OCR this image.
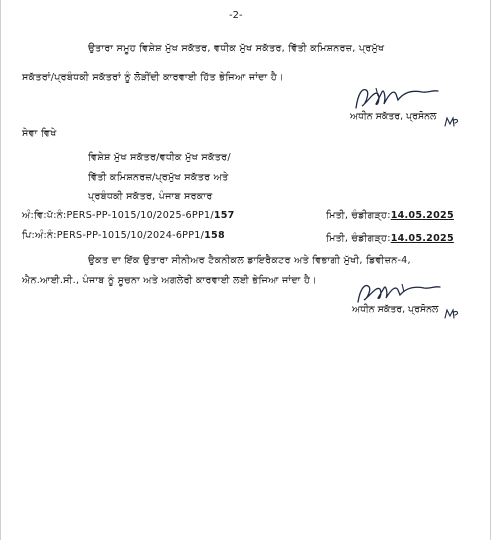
-2-
ਉਤਾਰਾ ਸਮੂਹ ਵਿਸ਼ੇਸ਼ ਮੁੱਖ ਸਕੱਤਰ, ਵਧੀਕ ਮੁੱਖ ਸਕੱਤਰ, ਵਿੱਤੀ ਕਮਿਸ਼ਨਰਜ਼, ਪ੍ਰਮੁੱਖ
ਸਕੱਤਰਾਂ/ਪ੍ਰਬੰਧਕੀ ਸਕੱਤਰਾਂ ਨੂੰ ਲੋੜੀਂਦੀ ਕਾਰਵਾਈ ਹਿੱਤ ਭੇਜਿਆ ਜਾਂਦਾ ਹੈ।
ਅਧੀਨ ਸਕੱਤਰ, ਪ੍ਰਸੋਨਲ
ਸੇਵਾ ਵਿਖੇ
ਵਿਸ਼ੇਸ਼ ਮੁੱਖ ਸਕੱਤਰ/ਵਧੀਕ ਮੁੱਖ ਸਕੱਤਰ/
ਵਿੱਤੀ ਕਮਿਸ਼ਨਰਜ਼/ਪ੍ਰਮੁੱਖ ਸਕੱਤਰ ਅਤੇ
ਪ੍ਰਬੰਧਕੀ ਸਕੱਤਰ, ਪੰਜਾਬ ਸਰਕਾਰ
ਅੰ:ਵਿ:ਪੱ:ਨੰ:PERS-PP-1015/10/2025-6PP1/157	ਮਿਤੀ, ਚੰਡੀਗੜ੍ਹ:14.05.2025
ਪਿ:ਅੰ:ਨੰ:PERS-PP-1015/10/2024-6PP1/158	ਮਿਤੀ, ਚੰਡੀਗੜ੍ਹ:14.05.2025
ਉਕਤ ਦਾ ਇੱਕ ਉਤਾਰਾ ਸੀਨੀਅਰ ਟੈਕਨੀਕਲ ਡਾਇਰੈਕਟਰ ਅਤੇ ਵਿਭਾਗੀ ਮੁੱਖੀ, ਡਿਵੀਜ਼ਨ-4,
ਐਨ.ਆਈ.ਸੀ., ਪੰਜਾਬ ਨੂੰ ਸੂਚਨਾ ਅਤੇ ਅਗਲੇਰੀ ਕਾਰਵਾਈ ਲਈ ਭੇਜਿਆ ਜਾਂਦਾ ਹੈ।
ਅਧੀਨ ਸਕੱਤਰ, ਪ੍ਰਸੋਨਲ
